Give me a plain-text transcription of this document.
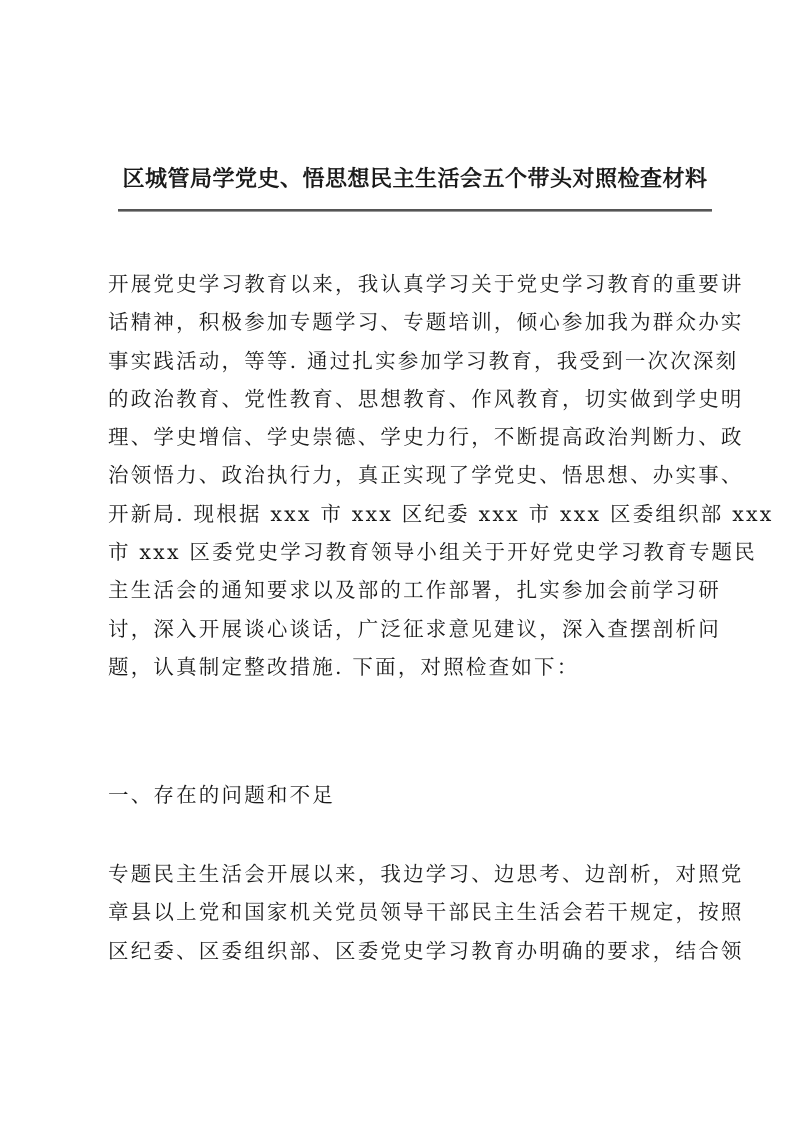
区城管局学党史、悟思想民主生活会五个带头对照检查材料
开展党史学习教育以来，我认真学习关于党史学习教育的重要讲
话精神，积极参加专题学习、专题培训，倾心参加我为群众办实
事实践活动，等等. 通过扎实参加学习教育，我受到一次次深刻
的政治教育、党性教育、思想教育、作风教育，切实做到学史明
理、学史增信、学史崇德、学史力行，不断提高政治判断力、政
治领悟力、政治执行力，真正实现了学党史、悟思想、办实事、
开新局. 现根据 xxx 市 xxx 区纪委 xxx 市 xxx 区委组织部 xxx
市 xxx 区委党史学习教育领导小组关于开好党史学习教育专题民
主生活会的通知要求以及部的工作部署，扎实参加会前学习研
讨，深入开展谈心谈话，广泛征求意见建议，深入查摆剖析问
题，认真制定整改措施. 下面，对照检查如下：
一、存在的问题和不足
专题民主生活会开展以来，我边学习、边思考、边剖析，对照党
章县以上党和国家机关党员领导干部民主生活会若干规定，按照
区纪委、区委组织部、区委党史学习教育办明确的要求，结合领
